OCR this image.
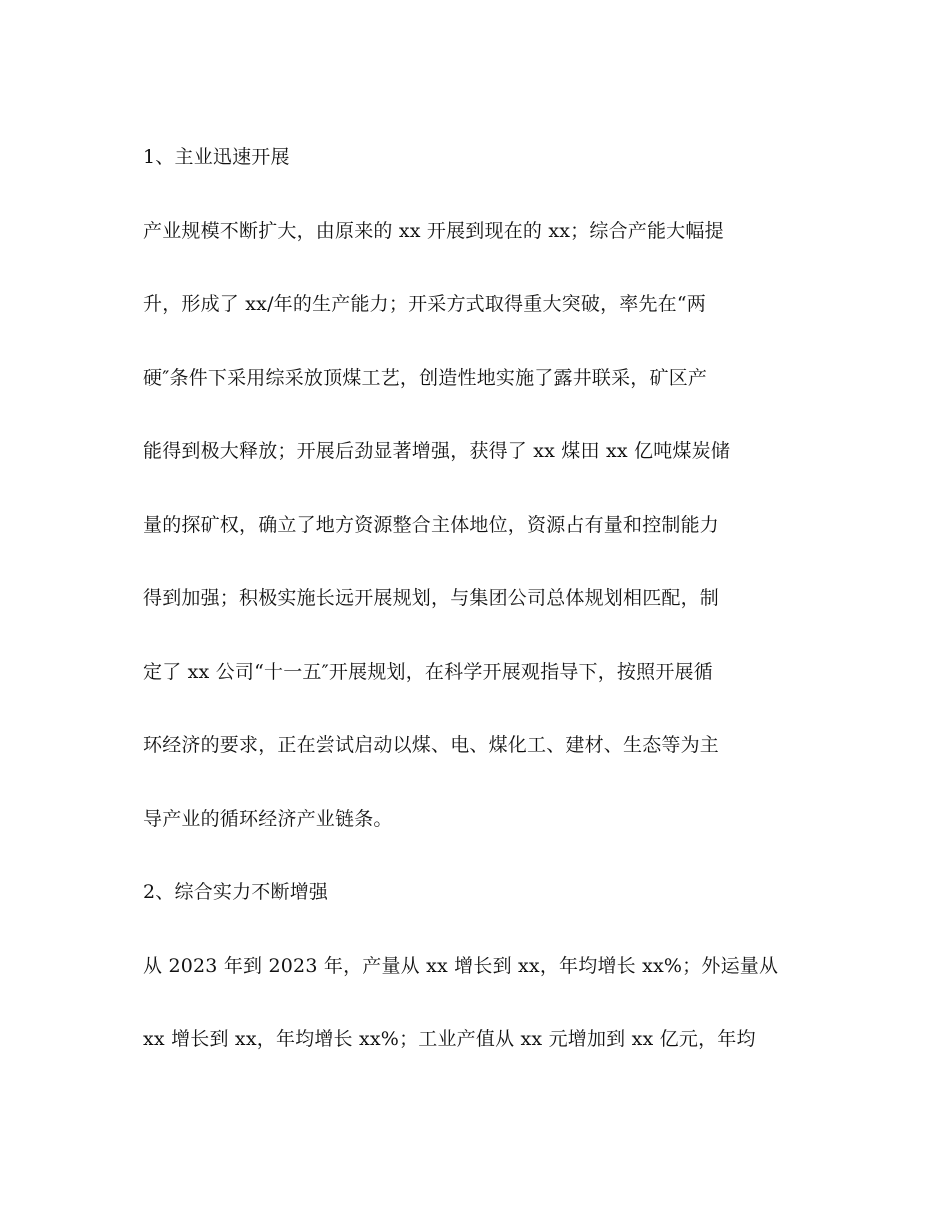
1、主业迅速开展
产业规模不断扩大，由原来的 xx 开展到现在的 xx；综合产能大幅提
升，形成了 xx/年的生产能力；开采方式取得重大突破，率先在“两
硬″条件下采用综采放顶煤工艺，创造性地实施了露井联采，矿区产
能得到极大释放；开展后劲显著增强，获得了 xx 煤田 xx 亿吨煤炭储
量的探矿权，确立了地方资源整合主体地位，资源占有量和控制能力
得到加强；积极实施长远开展规划，与集团公司总体规划相匹配，制
定了 xx 公司“十一五″开展规划，在科学开展观指导下，按照开展循
环经济的要求，正在尝试启动以煤、电、煤化工、建材、生态等为主
导产业的循环经济产业链条。
2、综合实力不断增强
从 2023 年到 2023 年，产量从 xx 增长到 xx，年均增长 xx%；外运量从
xx 增长到 xx，年均增长 xx%；工业产值从 xx 元增加到 xx 亿元，年均
